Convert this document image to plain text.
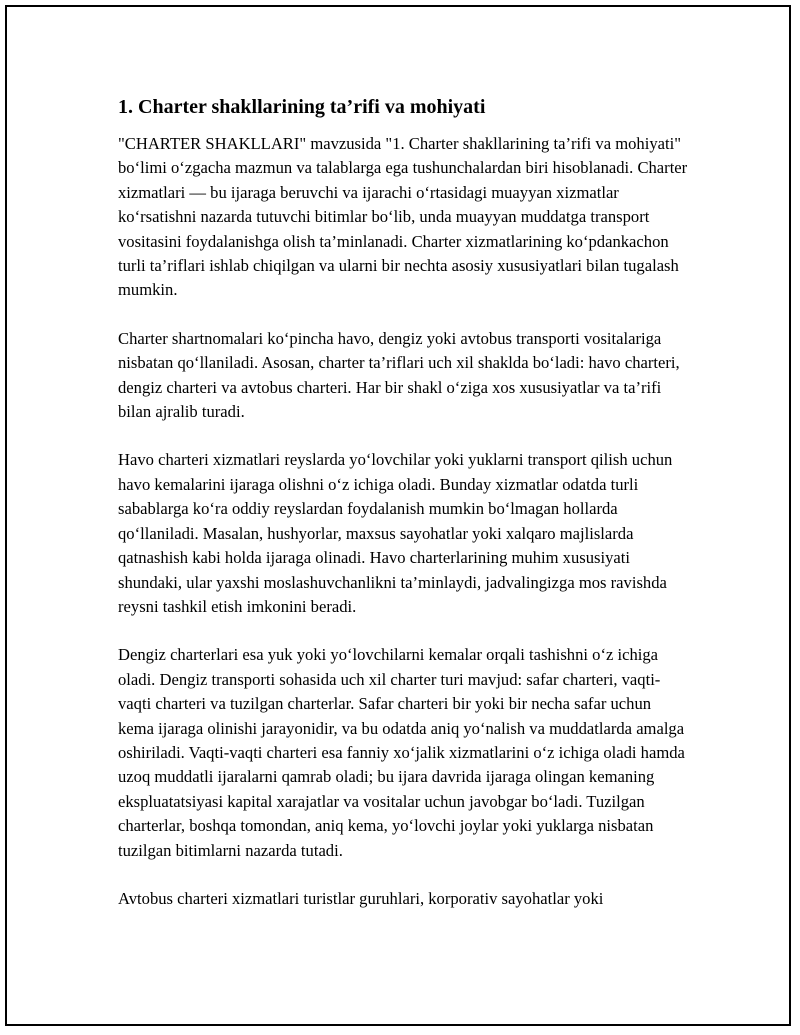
1. Charter shakllarining ta’rifi va mohiyati

"CHARTER SHAKLLARI" mavzusida "1. Charter shakllarining ta’rifi va mohiyati" bo‘limi o‘zgacha mazmun va talablarga ega tushunchalardan biri hisoblanadi. Charter xizmatlari — bu ijaraga beruvchi va ijarachi o‘rtasidagi muayyan xizmatlar ko‘rsatishni nazarda tutuvchi bitimlar bo‘lib, unda muayyan muddatga transport vositasini foydalanishga olish ta’minlanadi. Charter xizmatlarining ko‘pdankachon turli ta’riflari ishlab chiqilgan va ularni bir nechta asosiy xususiyatlari bilan tugalash mumkin.

Charter shartnomalari ko‘pincha havo, dengiz yoki avtobus transporti vositalariga nisbatan qo‘llaniladi. Asosan, charter ta’riflari uch xil shaklda bo‘ladi: havo charteri, dengiz charteri va avtobus charteri. Har bir shakl o‘ziga xos xususiyatlar va ta’rifi bilan ajralib turadi.

Havo charteri xizmatlari reyslarda yo‘lovchilar yoki yuklarni transport qilish uchun havo kemalarini ijaraga olishni o‘z ichiga oladi. Bunday xizmatlar odatda turli sabablarga ko‘ra oddiy reyslardan foydalanish mumkin bo‘lmagan hollarda qo‘llaniladi. Masalan, hushyorlar, maxsus sayohatlar yoki xalqaro majlislarda qatnashish kabi holda ijaraga olinadi. Havo charterlarining muhim xususiyati shundaki, ular yaxshi moslashuvchanlikni ta’minlaydi, jadvalingizga mos ravishda reysni tashkil etish imkonini beradi.

Dengiz charterlari esa yuk yoki yo‘lovchilarni kemalar orqali tashishni o‘z ichiga oladi. Dengiz transporti sohasida uch xil charter turi mavjud: safar charteri, vaqti-vaqti charteri va tuzilgan charterlar. Safar charteri bir yoki bir necha safar uchun kema ijaraga olinishi jarayonidir, va bu odatda aniq yo‘nalish va muddatlarda amalga oshiriladi. Vaqti-vaqti charteri esa fanniy xo‘jalik xizmatlarini o‘z ichiga oladi hamda uzoq muddatli ijaralarni qamrab oladi; bu ijara davrida ijaraga olingan kemaning ekspluatatsiyasi kapital xarajatlar va vositalar uchun javobgar bo‘ladi. Tuzilgan charterlar, boshqa tomondan, aniq kema, yo‘lovchi joylar yoki yuklarga nisbatan tuzilgan bitimlarni nazarda tutadi.

Avtobus charteri xizmatlari turistlar guruhlari, korporativ sayohatlar yoki
